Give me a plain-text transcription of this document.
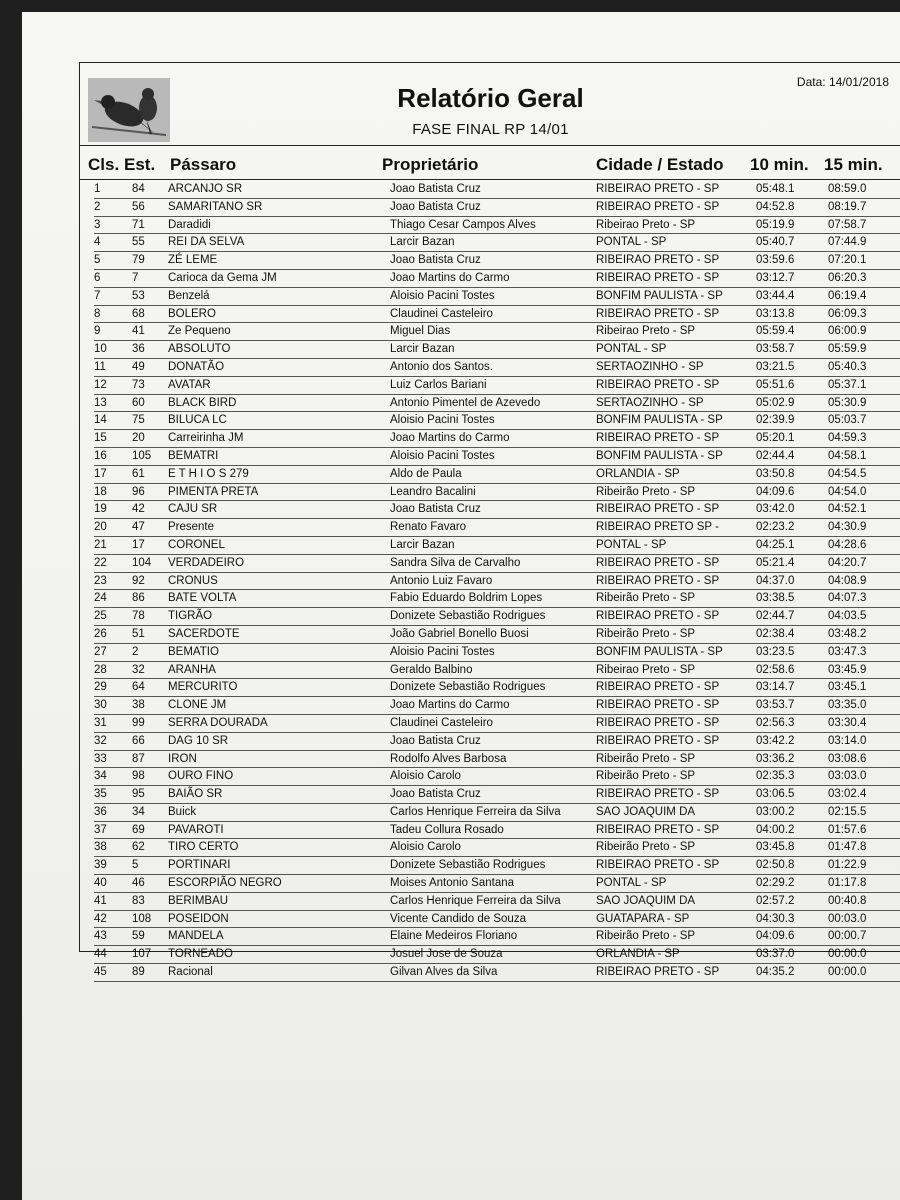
Relatório Geral
FASE FINAL RP 14/01
Data: 14/01/2018
Cls. Est. Pássaro	Proprietário	Cidade / Estado 10 min. 15 min.
1	84 ARCANJO SR	Joao Batista Cruz	RIBEIRAO PRETO - SP	05:48.1	08:59.0
2	56 SAMARITANO SR	Joao Batista Cruz	RIBEIRAO PRETO - SP	04:52.8	08:19.7
3	71 Daradidi	Thiago Cesar Campos Alves	Ribeirao Preto - SP	05:19.9	07:58.7
4	55 REI DA SELVA	Larcir Bazan	PONTAL - SP	05:40.7	07:44.9
5	79 ZÉ LEME	Joao Batista Cruz	RIBEIRAO PRETO - SP	03:59.6	07:20.1
6	7	Carioca da Gema JM	Joao Martins do Carmo	RIBEIRAO PRETO - SP	03:12.7	06:20.3
7	53 Benzelá	Aloisio Pacini Tostes	BONFIM PAULISTA - SP	03:44.4	06:19.4
8	68 BOLERO	Claudinei Casteleiro	RIBEIRAO PRETO - SP	03:13.8	06:09.3
9	41 Ze Pequeno	Miguel Dias	Ribeirao Preto - SP	05:59.4	06:00.9
10 36 ABSOLUTO	Larcir Bazan	PONTAL - SP	03:58.7	05:59.9
11 49 DONATÃO	Antonio dos Santos.	SERTAOZINHO - SP	03:21.5	05:40.3
12 73 AVATAR	Luiz Carlos Bariani	RIBEIRAO PRETO - SP	05:51.6	05:37.1
13 60 BLACK BIRD	Antonio Pimentel de Azevedo	SERTAOZINHO - SP	05:02.9	05:30.9
14 75 BILUCA LC	Aloisio Pacini Tostes	BONFIM PAULISTA - SP	02:39.9	05:03.7
15 20 Carreirinha JM	Joao Martins do Carmo	RIBEIRAO PRETO - SP	05:20.1	04:59.3
16 105 BEMATRI	Aloisio Pacini Tostes	BONFIM PAULISTA - SP	02:44.4	04:58.1
17 61 E T H I O S 279	Aldo de Paula	ORLANDIA - SP	03:50.8	04:54.5
18 96 PIMENTA PRETA	Leandro Bacalini	Ribeirão Preto - SP	04:09.6	04:54.0
19 42 CAJU SR	Joao Batista Cruz	RIBEIRAO PRETO - SP	03:42.0	04:52.1
20 47 Presente	Renato Favaro	RIBEIRAO PRETO SP -	02:23.2	04:30.9
21 17 CORONEL	Larcir Bazan	PONTAL - SP	04:25.1	04:28.6
22 104 VERDADEIRO	Sandra Silva de Carvalho	RIBEIRAO PRETO - SP	05:21.4	04:20.7
23 92 CRONUS	Antonio Luiz Favaro	RIBEIRAO PRETO - SP	04:37.0	04:08.9
24 86 BATE VOLTA	Fabio Eduardo Boldrim Lopes	Ribeirão Preto - SP	03:38.5	04:07.3
25 78 TIGRÃO	Donizete Sebastião Rodrigues	RIBEIRAO PRETO - SP	02:44.7	04:03.5
26 51 SACERDOTE	João Gabriel Bonello Buosi	Ribeirão Preto - SP	02:38.4	03:48.2
27 2	BEMATIO	Aloisio Pacini Tostes	BONFIM PAULISTA - SP	03:23.5	03:47.3
28 32 ARANHA	Geraldo Balbino	Ribeirao Preto - SP	02:58.6	03:45.9
29 64 MERCURITO	Donizete Sebastião Rodrigues	RIBEIRAO PRETO - SP	03:14.7	03:45.1
30 38 CLONE JM	Joao Martins do Carmo	RIBEIRAO PRETO - SP	03:53.7	03:35.0
31 99 SERRA DOURADA	Claudinei Casteleiro	RIBEIRAO PRETO - SP	02:56.3	03:30.4
32 66 DAG 10 SR	Joao Batista Cruz	RIBEIRAO PRETO - SP	03:42.2	03:14.0
33 87 IRON	Rodolfo Alves Barbosa	Ribeirão Preto - SP	03:36.2	03:08.6
34 98 OURO FINO	Aloisio Carolo	Ribeirão Preto - SP	02:35.3	03:03.0
35 95 BAIÃO SR	Joao Batista Cruz	RIBEIRAO PRETO - SP	03:06.5	03:02.4
36 34 Buick	Carlos Henrique Ferreira da Silva	SAO JOAQUIM DA	03:00.2	02:15.5
37 69 PAVAROTI	Tadeu Collura Rosado	RIBEIRAO PRETO - SP	04:00.2	01:57.6
38 62 TIRO CERTO	Aloisio Carolo	Ribeirão Preto - SP	03:45.8	01:47.8
39 5	PORTINARI	Donizete Sebastião Rodrigues	RIBEIRAO PRETO - SP	02:50.8	01:22.9
40 46 ESCORPIÃO NEGRO	Moises Antonio Santana	PONTAL - SP	02:29.2	01:17.8
41 83 BERIMBAU	Carlos Henrique Ferreira da Silva	SAO JOAQUIM DA	02:57.2	00:40.8
42 108 POSEIDON	Vicente Candido de Souza	GUATAPARA - SP	04:30.3	00:03.0
43 59 MANDELA	Elaine Medeiros Floriano	Ribeirão Preto - SP	04:09.6	00:00.7
44 107 TORNEADO	Josuel Jose de Souza	ORLANDIA - SP	03:37.0	00:00.0
45 89 Racional	Gilvan Alves da Silva	RIBEIRAO PRETO - SP	04:35.2	00:00.0
